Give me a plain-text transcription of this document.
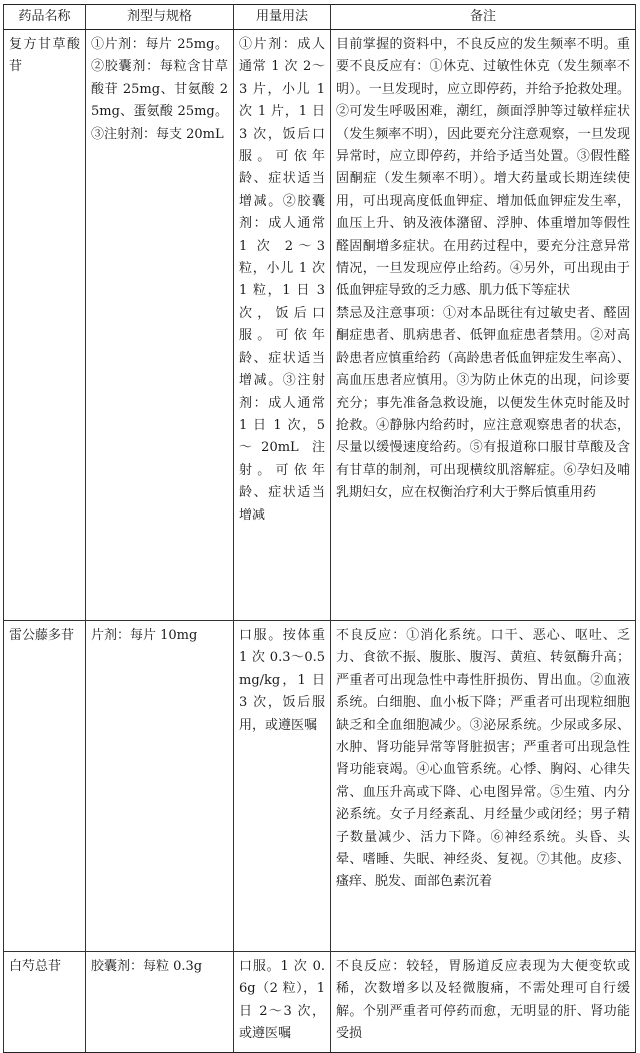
药品名称	剂型与规格	用量用法	备注
复方甘草酸苷	①片剂：每片 25mg。②胶囊剂：每粒含甘草酸苷 25mg、甘氨酸 25mg、蛋氨酸 25mg。③注射剂：每支 20mL	①片剂：成人通常 1 次 2～3 片，小儿 1 次 1 片，1 日 3 次，饭后口服。可依年龄、症状适当增减。②胶囊剂：成人通常 1 次 2～3 粒，小儿 1 次 1 粒，1 日 3 次，饭后口服。可依年龄、症状适当增减。③注射剂：成人通常 1 日 1 次，5～20mL 注射。可依年龄、症状适当增减	目前掌握的资料中，不良反应的发生频率不明。重要不良反应有：①休克、过敏性休克（发生频率不明）。一旦发现时，应立即停药，并给予抢救处理。②可发生呼吸困难，潮红，颜面浮肿等过敏样症状（发生频率不明），因此要充分注意观察，一旦发现异常时，应立即停药，并给予适当处置。③假性醛固酮症（发生频率不明）。增大药量或长期连续使用，可出现高度低血钾症、增加低血钾症发生率，血压上升、钠及液体潴留、浮肿、体重增加等假性醛固酮增多症状。在用药过程中，要充分注意异常情况，一旦发现应停止给药。④另外，可出现由于低血钾症导致的乏力感、肌力低下等症状
禁忌及注意事项：①对本品既往有过敏史者、醛固酮症患者、肌病患者、低钾血症患者禁用。②对高龄患者应慎重给药（高龄患者低血钾症发生率高）、高血压患者应慎用。③为防止休克的出现，问诊要充分；事先准备急救设施，以便发生休克时能及时抢救。④静脉内给药时，应注意观察患者的状态，尽量以缓慢速度给药。⑤有报道称口服甘草酸及含有甘草的制剂，可出现横纹肌溶解症。⑥孕妇及哺乳期妇女，应在权衡治疗利大于弊后慎重用药

雷公藤多苷	片剂：每片 10mg	口服。按体重 1 次 0.3～0.5mg/kg，1 日 3 次，饭后服用，或遵医嘱	不良反应：①消化系统。口干、恶心、呕吐、乏力、食欲不振、腹胀、腹泻、黄疸、转氨酶升高；严重者可出现急性中毒性肝损伤、胃出血。②血液系统。白细胞、血小板下降；严重者可出现粒细胞缺乏和全血细胞减少。③泌尿系统。少尿或多尿、水肿、肾功能异常等肾脏损害；严重者可出现急性肾功能衰竭。④心血管系统。心悸、胸闷、心律失常、血压升高或下降、心电图异常。⑤生殖、内分泌系统。女子月经紊乱、月经量少或闭经；男子精子数量减少、活力下降。⑥神经系统。头昏、头晕、嗜睡、失眠、神经炎、复视。⑦其他。皮疹、瘙痒、脱发、面部色素沉着

白芍总苷	胶囊剂：每粒 0.3g	口服。1 次 0.6g（2 粒），1 日 2～3 次，或遵医嘱	不良反应：较轻，胃肠道反应表现为大便变软或稀，次数增多以及轻微腹痛，不需处理可自行缓解。个别严重者可停药而愈，无明显的肝、肾功能受损
